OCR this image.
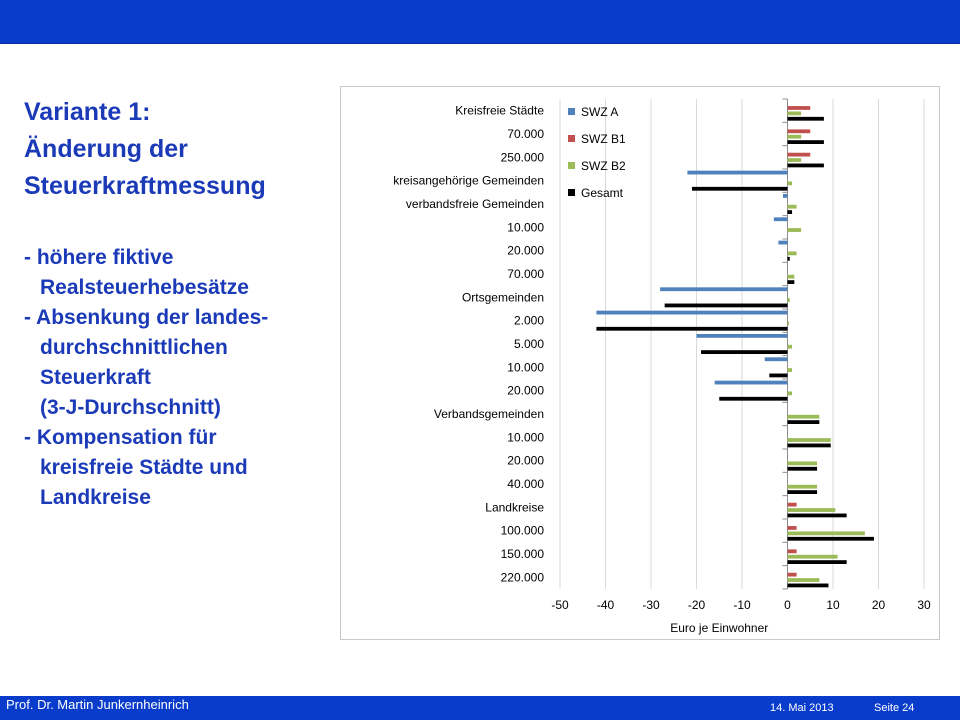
Variante 1:
Änderung der
Steuerkraftmessung
- höhere fiktive
Realsteuerhebesätze
- Absenkung der landes-
durchschnittlichen
Steuerkraft
(3-J-Durchschnitt)
- Kompensation für
kreisfreie Städte und
Landkreise
Kreisfreie Städte
70.000
250.000
kreisangehörige Gemeinden
verbandsfreie Gemeinden
10.000
20.000
70.000
Ortsgemeinden
2.000
5.000
10.000
20.000
Verbandsgemeinden
10.000
20.000
40.000
Landkreise
100.000
150.000
220.000
-50 -40 -30 -20 -10	0	10	20	30
Euro je Einwohner
SWZ A
SWZ B1
SWZ B2
Gesamt
Prof. Dr. Martin Junkernheinrich	14. Mai 2013	Seite 24
